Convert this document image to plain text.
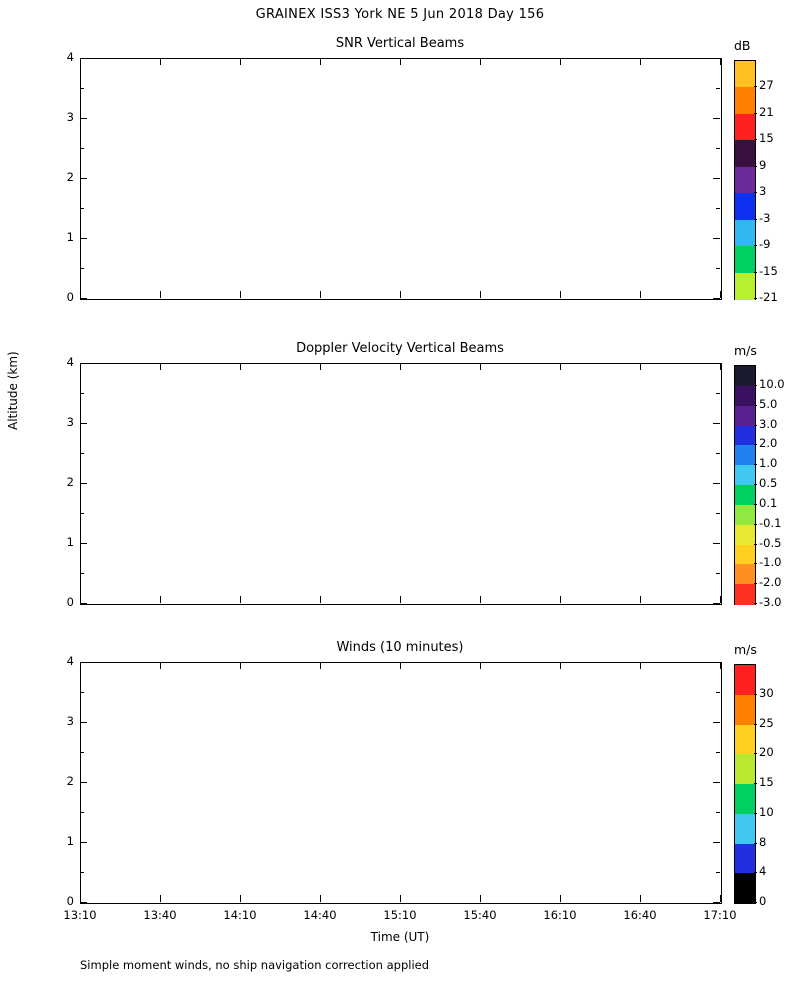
GRAINEX ISS3 York NE 5 Jun 2018 Day 156
Altitude (km)
Time (UT)
Simple moment winds, no ship navigation correction applied
SNR Vertical Beams
Doppler Velocity Vertical Beams
Winds (10 minutes)
0
1
2
3
4
0
1
2
3
4
0
1
2
3
4
13:10	13:40	14:10	14:40	15:10	15:40	16:10	16:40	17:10
27
21
15
9
3
-3
-9
-15
-21
dB
10.0
5.0
3.0
2.0
1.0
0.5
0.1
-0.1
-0.5
-1.0
-2.0
-3.0
m/s
30
25
20
15
10
8
4
0
m/s
